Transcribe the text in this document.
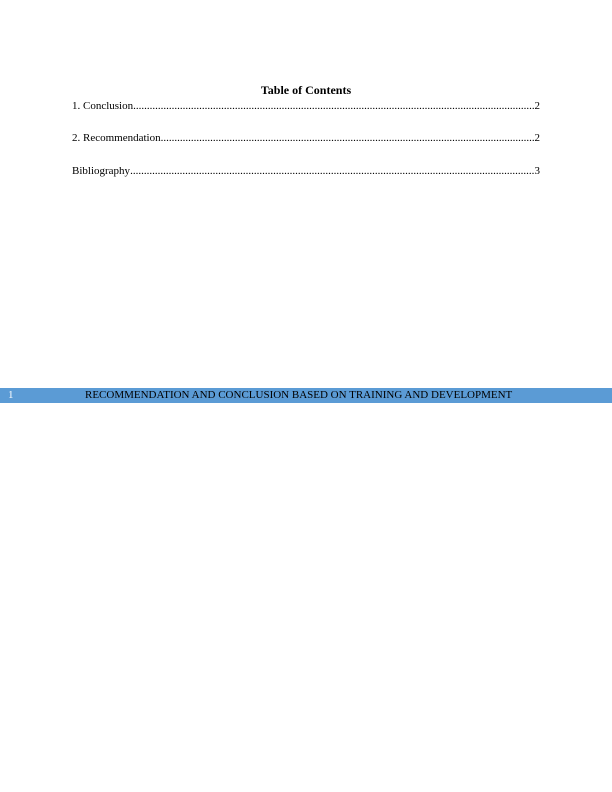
Table of Contents
1. Conclusion .....	2
2. Recommendation .....	2
Bibliography .....	3
1	RECOMMENDATION AND CONCLUSION BASED ON TRAINING AND DEVELOPMENT
